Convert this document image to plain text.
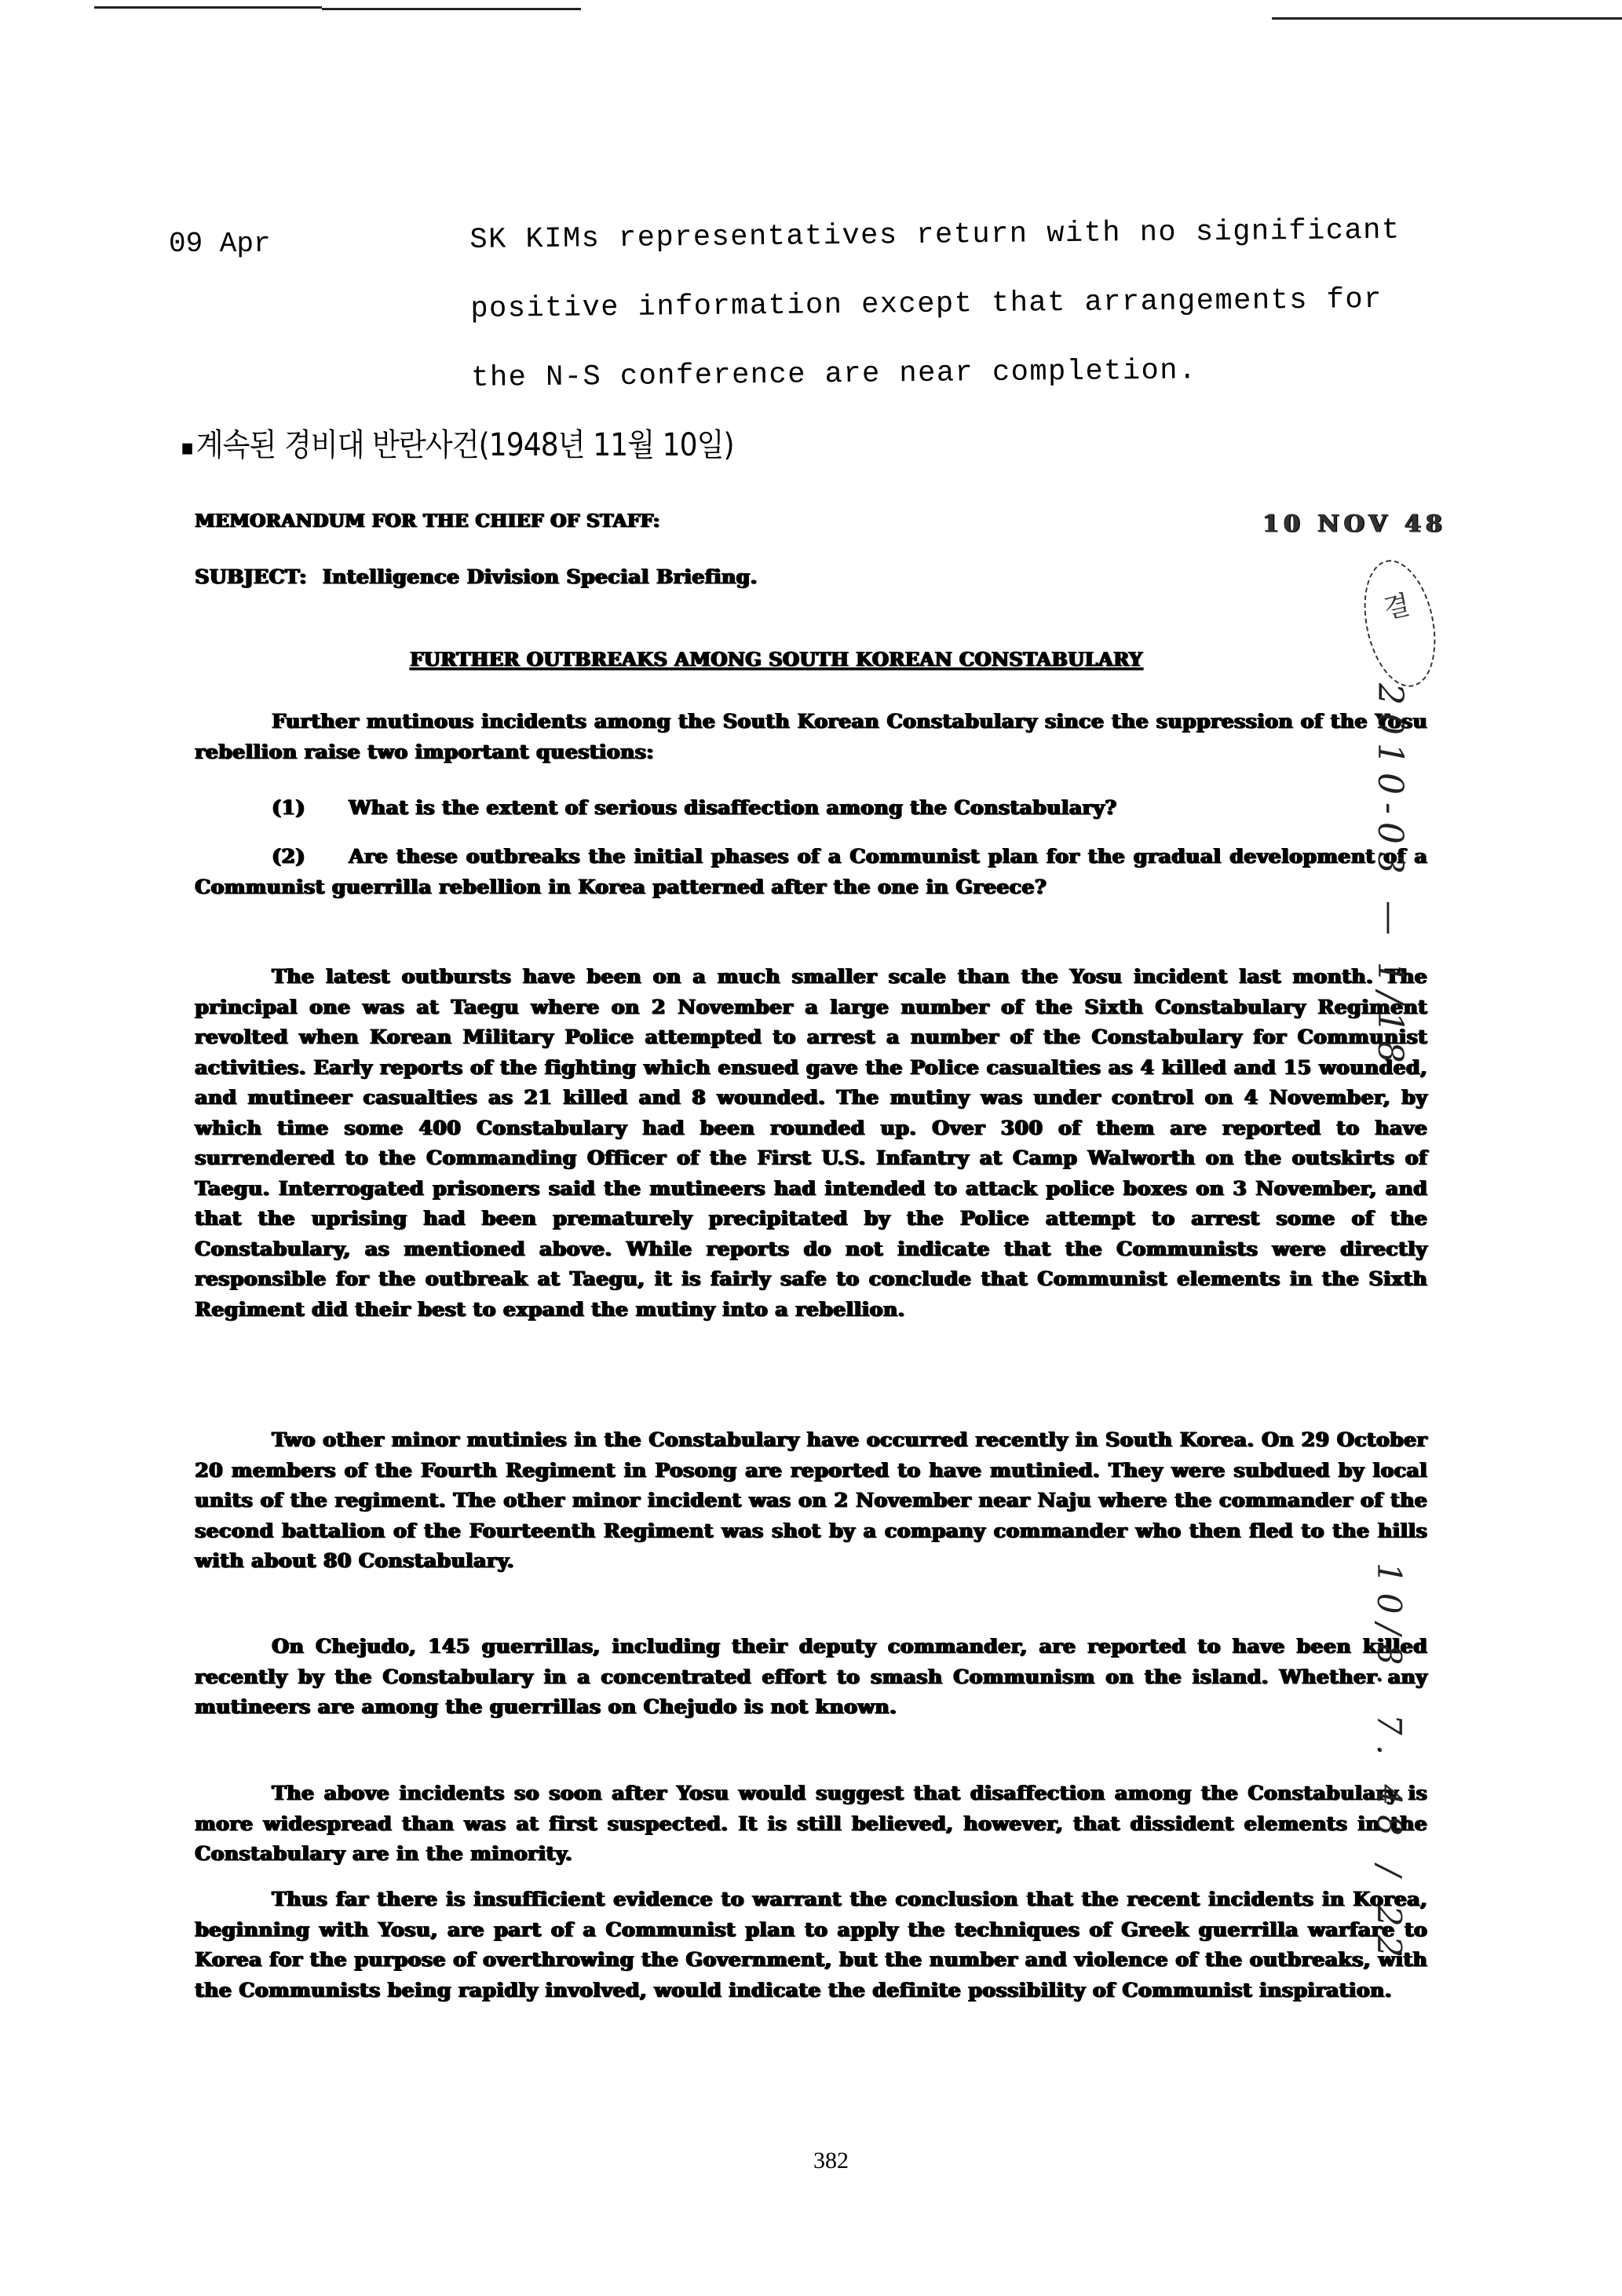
09 Apr	SK KIMs representatives return with no significant positive information except that arrangements for the N-S conference are near completion.
▪계속된 경비대 반란사건(1948년 11월 10일)
MEMORANDUM FOR THE CHIEF OF STAFF:	10 NOV 48
SUBJECT: Intelligence Division Special Briefing.
FURTHER OUTBREAKS AMONG SOUTH KOREAN CONSTABULARY
Further mutinous incidents among the South Korean Constabulary since the suppression of the Yosu rebellion raise two important questions:
(1) What is the extent of serious disaffection among the Constabulary?
(2) Are these outbreaks the initial phases of a Communist plan for the gradual development of a Communist guerrilla rebellion in Korea patterned after the one in Greece?
The latest outbursts have been on a much smaller scale than the Yosu incident last month. The principal one was at Taegu where on 2 November a large number of the Sixth Constabulary Regiment revolted when Korean Military Police attempted to arrest a number of the Constabulary for Communist activities. Early reports of the fighting which ensued gave the Police casualties as 4 killed and 15 wounded, and mutineer casualties as 21 killed and 8 wounded. The mutiny was under control on 4 November, by which time some 400 Constabulary had been rounded up. Over 300 of them are reported to have surrendered to the Commanding Officer of the First U.S. Infantry at Camp Walworth on the outskirts of Taegu. Interrogated prisoners said the mutineers had intended to attack police boxes on 3 November, and that the uprising had been prematurely precipitated by the Police attempt to arrest some of the Constabulary, as mentioned above. While reports do not indicate that the Communists were directly responsible for the outbreak at Taegu, it is fairly safe to conclude that Communist elements in the Sixth Regiment did their best to expand the mutiny into a rebellion.
Two other minor mutinies in the Constabulary have occurred recently in South Korea. On 29 October 20 members of the Fourth Regiment in Posong are reported to have mutinied. They were subdued by local units of the regiment. The other minor incident was on 2 November near Naju where the commander of the second battalion of the Fourteenth Regiment was shot by a company commander who then fled to the hills with about 80 Constabulary.
On Chejudo, 145 guerrillas, including their deputy commander, are reported to have been killed recently by the Constabulary in a concentrated effort to smash Communism on the island. Whether any mutineers are among the guerrillas on Chejudo is not known.
The above incidents so soon after Yosu would suggest that disaffection among the Constabulary is more widespread than was at first suspected. It is still believed, however, that dissident elements in the Constabulary are in the minority.
Thus far there is insufficient evidence to warrant the conclusion that the recent incidents in Korea, beginning with Yosu, are part of a Communist plan to apply the techniques of Greek guerrilla warfare to Korea for the purpose of overthrowing the Government, but the number and violence of the outbreaks, with the Communists being rapidly involved, would indicate the definite possibility of Communist inspiration.
결
2010-03 — 1/18
10/8. 7. 48 / 22
382
